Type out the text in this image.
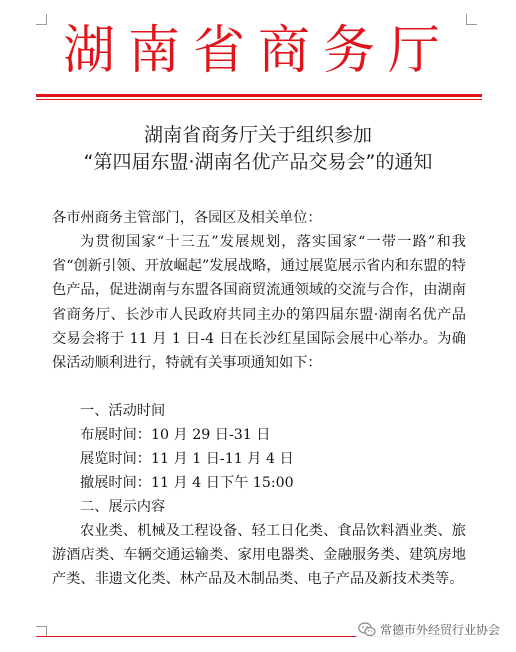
湖南省商务厅
湖南省商务厅关于组织参加
“第四届东盟·湖南名优产品交易会”的通知
各市州商务主管部门，各园区及相关单位：
为贯彻国家“十三五”发展规划，落实国家“一带一路”和我省“创新引领、开放崛起”发展战略，通过展览展示省内和东盟的特色产品，促进湖南与东盟各国商贸流通领域的交流与合作，由湖南省商务厅、长沙市人民政府共同主办的第四届东盟·湖南名优产品交易会将于 11 月 1 日-4 日在长沙红星国际会展中心举办。为确保活动顺利进行，特就有关事项通知如下：
一、活动时间
布展时间：10 月 29 日-31 日
展览时间：11 月 1 日-11 月 4 日
撤展时间：11 月 4 日下午 15:00
二、展示内容
农业类、机械及工程设备、轻工日化类、食品饮料酒业类、旅游酒店类、车辆交通运输类、家用电器类、金融服务类、建筑房地产类、非遗文化类、林产品及木制品类、电子产品及新技术类等。
常德市外经贸行业协会
